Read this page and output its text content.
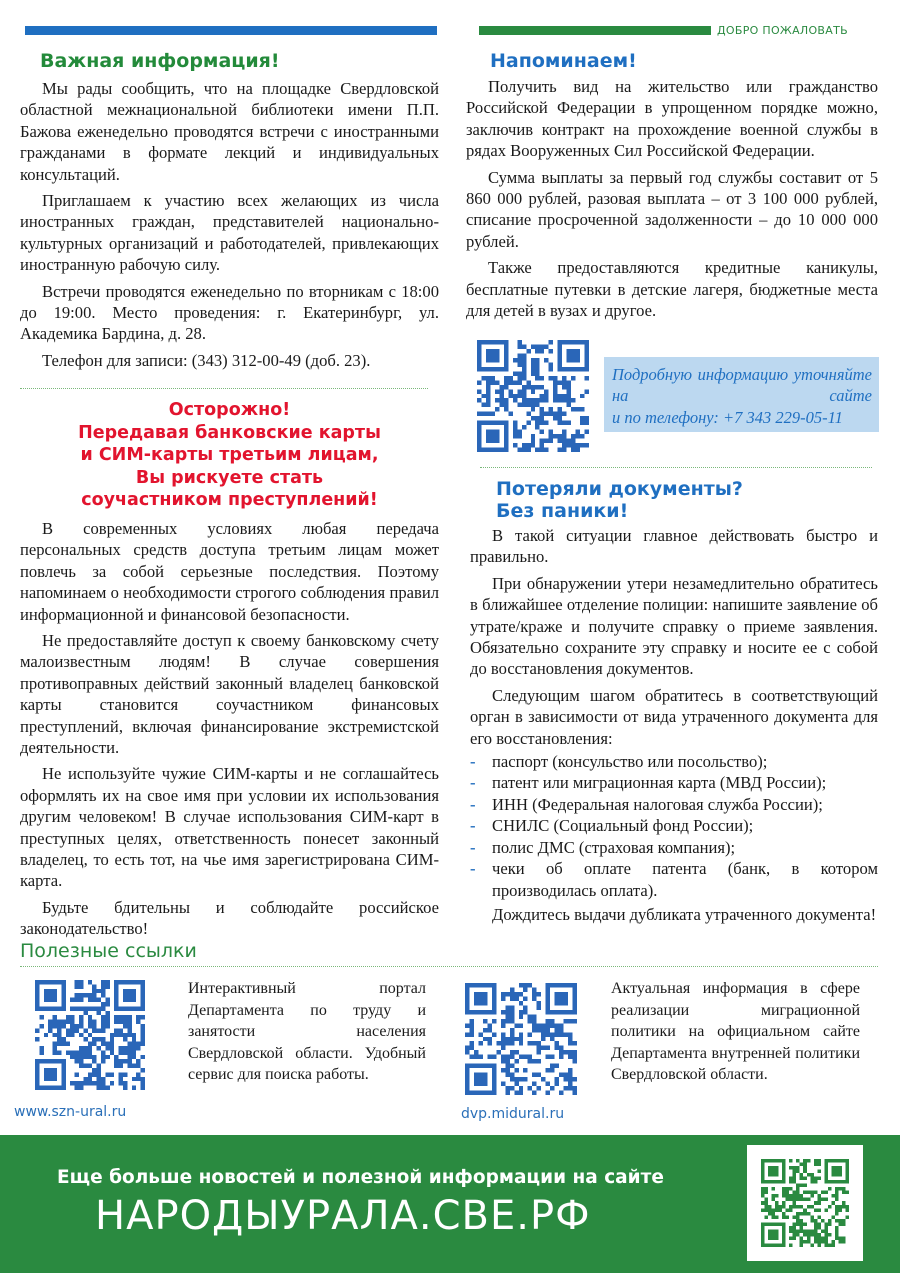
ДОБРО ПОЖАЛОВАТЬ
Важная информация!

Мы рады сообщить, что на площадке Свердловской областной межнациональной библиотеки имени П.П. Бажова еженедельно проводятся встречи с иностранными гражданами в формате лекций и индивидуальных консультаций.

Приглашаем к участию всех желающих из числа иностранных граждан, представителей национально-культурных организаций и работодателей, привлекающих иностранную рабочую силу.

Встречи проводятся еженедельно по вторникам с 18:00 до 19:00. Место проведения: г. Екатеринбург, ул. Академика Бардина, д. 28.

Телефон для записи: (343) 312-00-49 (доб. 23).

Осторожно!

Передавая банковские карты

и СИМ-карты третьим лицам,

Вы рискуете стать

соучастником преступлений!

В современных условиях любая передача персональных средств доступа третьим лицам может повлечь за собой серьезные последствия. Поэтому напоминаем о необходимости строгого соблюдения правил информационной и финансовой безопасности.

Не предоставляйте доступ к своему банковскому счету малоизвестным людям! В случае совершения противоправных действий законный владелец банковской карты становится соучастником финансовых преступлений, включая финансирование экстремистской деятельности.

Не используйте чужие СИМ-карты и не соглашайтесь оформлять их на свое имя при условии их использования другим человеком! В случае использования СИМ-карт в преступных целях, ответственность понесет законный владелец, то есть тот, на чье имя зарегистрирована СИМ-карта.

Будьте бдительны и соблюдайте российское законодательство!

Напоминаем!

Получить вид на жительство или гражданство Российской Федерации в упрощенном порядке можно, заключив контракт на прохождение военной службы в рядах Вооруженных Сил Российской Федерации.

Сумма выплаты за первый год службы составит от 5 860 000 рублей, разовая выплата – от 3 100 000 рублей, списание просроченной задолженности – до 10 000 000 рублей.

Также предоставляются кредитные каникулы, бесплатные путевки в детские лагеря, бюджетные места для детей в вузах и другое.

Подробную информацию уточняйте на сайте
и по телефону: +7 343 229-05-11
Потеряли документы?
Без паники!

В такой ситуации главное действовать быстро и правильно.

При обнаружении утери незамедлительно обратитесь в ближайшее отделение полиции: напишите заявление об утрате/краже и получите справку о приеме заявления. Обязательно сохраните эту справку и носите ее с собой до восстановления документов.

Следующим шагом обратитесь в соответствующий орган в зависимости от вида утраченного документа для его восстановления:

- паспорт (консульство или посольство);
- патент или миграционная карта (МВД России);
- ИНН (Федеральная налоговая служба России);
- СНИЛС (Социальный фонд России);
- полис ДМС (страховая компания);
- чеки об оплате патента (банк, в котором производилась оплата).

Дождитесь выдачи дубликата утраченного документа!

Полезные ссылки
Интерактивный портал Департамента по труду и занятости населения Свердловской области. Удобный сервис для поиска работы.
www.szn-ural.ru
Актуальная информация в сфере реализации миграционной политики на официальном сайте Департамента внутренней политики Свердловской области.
dvp.midural.ru
Еще больше новостей и полезной информации на сайте
НАРОДЫУРАЛА.СВЕ.РФ
